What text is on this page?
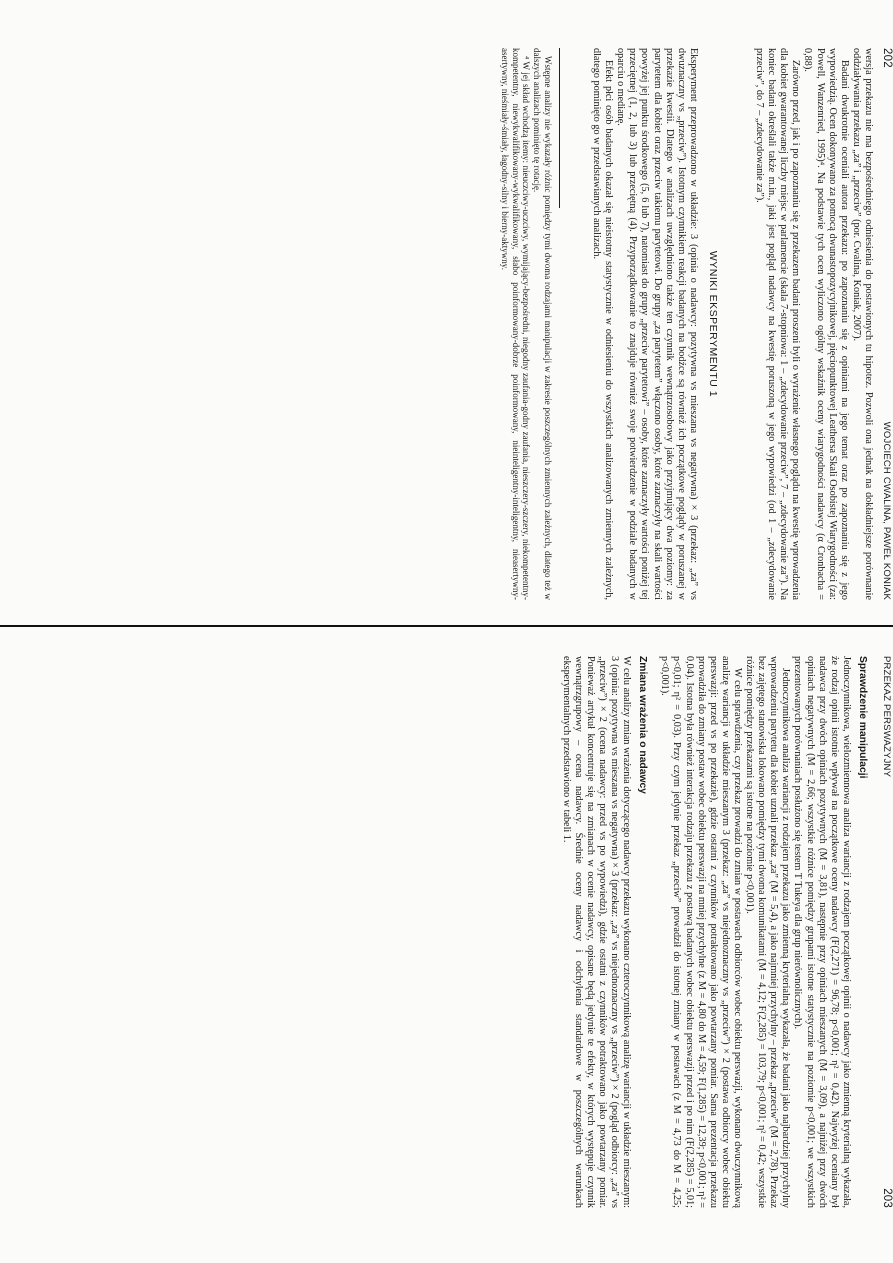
202
WOJCIECH CWALINA, PAWEŁ KONIAK

wersja przekazu nie ma bezpośredniego odniesienia do postawionych tu hipotez. Pozwoli ona jednak na dokładniejsze porównanie oddziaływania przekazu „za” i „przeciw” (por. Cwalina, Koniak, 2007).

Badani dwukrotnie oceniali autora przekazu: po zapoznaniu się z opiniami na jego temat oraz po zapoznaniu się z jego wypowiedzią. Ocen dokonywano za pomocą dwunastopozycyjnikowej, pięciopunktowej Leathersa Skali Osobistej Wiarygodności (za: Powell, Wanzenried, 1995)⁴. Na podstawie tych ocen wyliczono ogólny wskaźnik oceny wiarygodności nadawcy (α Cronbacha = 0,88).

Zarówno przed, jak i po zapoznaniu się z przekazem badani proszeni byli o wyrażenie własnego poglądu na kwestię wprowadzenia dla kobiet gwarantowanej liczby miejsc w parlamencie (skala 7-stopniowa: 1 – „zdecydowanie przeciw”, 7 – „zdecydowanie za”). Na koniec badani określali także m.in., jaki jest pogląd nadawcy na kwestię poruszoną w jego wypowiedzi (od 1 – „zdecydowanie przeciw”, do 7 – „zdecydowanie za”).

WYNIKI EKSPERYMENTU 1

Eksperyment przeprowadzono w układzie: 3 (opinia o nadawcy: pozytywna vs mieszana vs negatywna) × 3 (przekaz: „za” vs dwuznaczny vs „przeciw”). Istotnym czynnikiem reakcji badanych na bodźce są również ich początkowe poglądy w poruszanej w przekazie kwestii. Dlatego w analizach uwzględniono także ten czynnik wewnątrzosobowy jako przyjmujący dwa poziomy: za parytetem dla kobiet oraz przeciw takiemu parytetowi. Do grupy „za parytetem” włączono osoby, które zaznaczyły na skali wartości powyżej jej punktu środkowego (5, 6 lub 7), natomiast do grupy „przeciw parytetowi” – osoby, które zaznaczyły wartości poniżej tej przeciętnej (1, 2, lub 3) lub przeciętną (4). Przyporządkowanie to znajduje również swoje potwierdzenie w podziale badanych w oparciu o medianę.

Efekt płci osób badanych okazał się nieistotny statystycznie w odniesieniu do wszystkich analizowanych zmiennych zależnych, dlatego pominięto go w przedstawianych analizach.

Wstępne analizy nie wykazały różnic pomiędzy tymi dwoma rodzajami manipulacji w zakresie poszczególnych zmiennych zależnych, dlatego też w dalszych analizach pominięto tę rotację.

⁴ W jej skład wchodzą itemy: nieuczciwy-uczciwy, wymijający-bezpośredni, niegodny zaufania-godny zaufania, nieszczery-szczery, niekompetentny-kompetentny, niewykwalifikowany-wykwalifikowany, słabo poinformowany-dobrze poinformowany, nieinteligentny-inteligentny, nieasertywny-asertywny, nieśmiały-śmiały, łagodny-silny i bierny-aktywny.

PRZEKAZ PERSWAZYJNY
203
Sprawdzenie manipulacji

Jednoczynnikowa, wielozmiennowa analiza wariancji z rodzajem początkowej opinii o nadawcy jako zmienną kryterialną wykazała, że rodzaj opinii istotnie wpływał na początkowe oceny nadawcy (F(2,271) = 96,78; p<0,001; η² = 0,42). Najwyżej oceniany był nadawca przy dwóch opiniach pozytywnych (M = 3,81), następnie przy opiniach mieszanych (M = 3,09), a najniżej przy dwóch opiniach negatywnych (M = 2,66; wszystkie różnice pomiędzy grupami istotne statystycznie na poziomie p<0,001; we wszystkich prezentowanych porównaniach posłużono się testem T Tukeya dla grup nierównolicznych).

Jednoczynnikowa analiza wariancji z rodzajem przekazu jako zmienną kryterialną wykazała, że badani jako najbardziej przychylny wprowadzeniu parytetu dla kobiet uznali przekaz „za” (M = 5,4), a jako najmniej przychylny – przekaz „przeciw” (M = 2,78). Przekaz bez zajętego stanowiska lokowano pomiędzy tymi dwoma komunikatami (M = 4,12; F(2,285) = 103,79; p<0,001; η² = 0,42; wszystkie różnice pomiędzy przekazami są istotne na poziomie p<0,001).

W celu sprawdzenia, czy przekaz prowadzi do zmian w postawach odbiorców wobec obiektu perswazji, wykonano dwuczynnikową analizę wariancji w układzie mieszanym 3 (przekaz: „za” vs niejednoznaczny vs „przeciw”) × 2 (postawa odbiorcy wobec obiektu perswazji: przed vs po przekazie), gdzie ostatni z czynników potraktowano jako powtarzany pomiar. Sama prezentacja przekazu prowadziła do zmiany postaw wobec obiektu perswazji na mniej przychylne (z M = 4,80 do M = 4,59; F(1,285) = 12,39; p<0,001; η² = 0,04). Istotna była również interakcja rodzaju przekazu z postawą badanych wobec obiektu perswazji przed i po nim (F(2,285) = 5,01; p<0,01; η² = 0,03). Przy czym jedynie przekaz „przeciw” prowadził do istotnej zmiany w postawach (z M = 4,73 do M = 4,25; p<0,001).

Zmiana wrażenia o nadawcy

W celu analizy zmian wrażenia dotyczącego nadawcy przekazu wykonano czteroczynnikową analizę wariancji w układzie mieszanym: 3 (opinia: pozytywna vs mieszana vs negatywna) × 3 (przekaz: „za” vs niejednoznaczny vs „przeciw”) × 2 (pogląd odbiorcy: „za” vs „przeciw”) × 2 (ocena nadawcy: przed vs po wypowiedzi), gdzie ostatni z czynników potraktowano jako powtarzany pomiar. Ponieważ artykuł koncentruje się na zmianach w ocenie nadawcy, opisane będą jedynie te efekty, w których występuje czynnik wewnątrzgrupowy – ocena nadawcy. Średnie oceny nadawcy i odchylenia standardowe w poszczególnych warunkach eksperymentalnych przedstawiono w tabeli 1.
